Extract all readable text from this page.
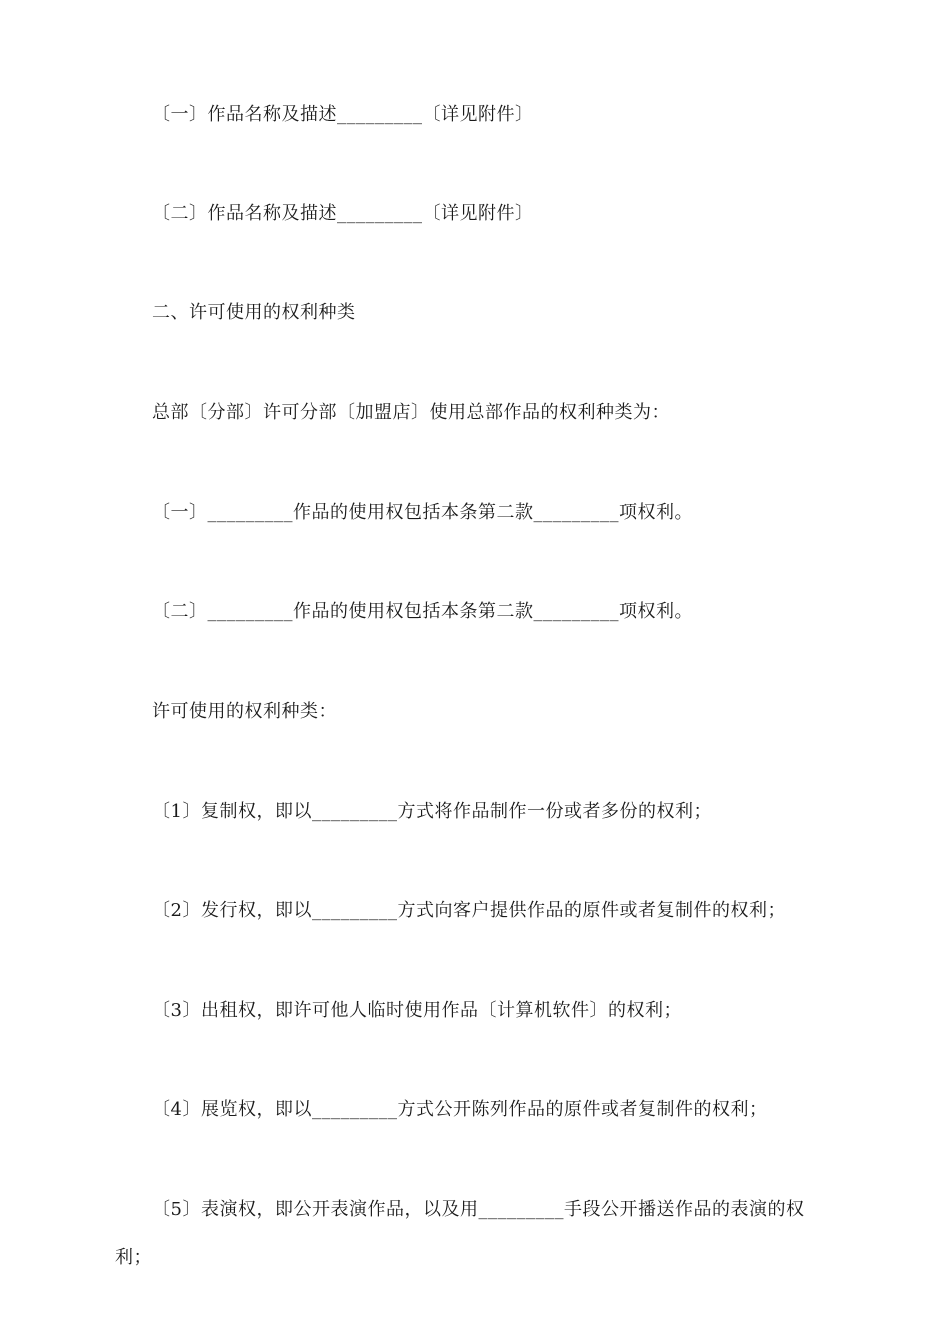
〔一〕作品名称及描述_________〔详见附件〕
〔二〕作品名称及描述_________〔详见附件〕
二、许可使用的权利种类
总部〔分部〕许可分部〔加盟店〕使用总部作品的权利种类为：
〔一〕_________作品的使用权包括本条第二款_________项权利。
〔二〕_________作品的使用权包括本条第二款_________项权利。
许可使用的权利种类：
〔1〕复制权，即以_________方式将作品制作一份或者多份的权利；
〔2〕发行权，即以_________方式向客户提供作品的原件或者复制件的权利；
〔3〕出租权，即许可他人临时使用作品〔计算机软件〕的权利；
〔4〕展览权，即以_________方式公开陈列作品的原件或者复制件的权利；
〔5〕表演权，即公开表演作品，以及用_________手段公开播送作品的表演的权利；
